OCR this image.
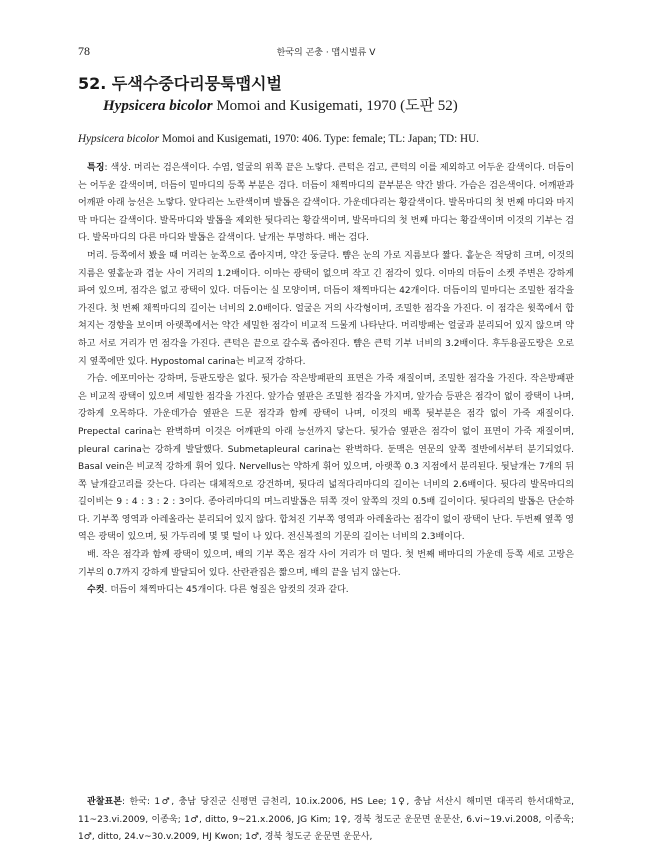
78	한국의 곤충 · 맵시벌류 V
52. 두색수중다리뭉툭맵시벌
Hypsicera bicolor Momoi and Kusigemati, 1970 (도판 52)
Hypsicera bicolor Momoi and Kusigemati, 1970: 406. Type: female; TL: Japan; TD: HU.

특징: 색상. 머리는 검은색이다. 수염, 얼굴의 위쪽 끝은 노랗다. 큰턱은 검고, 큰턱의 이를 제외하고 어두운 갈색이다. 더듬이는 어두운 갈색이며, 더듬이 밑마디의 등쪽 부분은 검다. 더듬이 채찍마디의 끝부분은 약간 밝다. 가슴은 검은색이다. 어깨판과 어깨판 아래 능선은 노랗다. 앞다리는 노란색이며 발톱은 갈색이다. 가운데다리는 황갈색이다. 발목마디의 첫 번째 마디와 마지막 마디는 갈색이다. 발목마디와 발톱을 제외한 뒷다리는 황갈색이며, 발목마디의 첫 번째 마디는 황갈색이며 이것의 기부는 검다. 발목마디의 다른 마디와 발톱은 갈색이다. 날개는 투명하다. 배는 검다.

머리. 등쪽에서 봤을 때 머리는 눈쪽으로 좁아지며, 약간 둥글다. 뺨은 눈의 가로 지름보다 짧다. 홑눈은 적당히 크며, 이것의 지름은 옆홑눈과 겹눈 사이 거리의 1.2배이다. 이마는 광택이 없으며 작고 긴 점각이 있다. 이마의 더듬이 소켓 주변은 강하게 파여 있으며, 점각은 없고 광택이 있다. 더듬이는 실 모양이며, 더듬이 채찍마디는 42개이다. 더듬이의 밑마디는 조밀한 점각을 가진다. 첫 번째 채찍마디의 길이는 너비의 2.0배이다. 얼굴은 거의 사각형이며, 조밀한 점각을 가진다. 이 점각은 윗쪽에서 합쳐지는 경향을 보이며 아랫쪽에서는 약간 세밀한 점각이 비교적 드물게 나타난다. 머리방패는 얼굴과 분리되어 있지 않으며 약하고 서로 거리가 먼 점각을 가진다. 큰턱은 끝으로 갈수록 좁아진다. 뺨은 큰턱 기부 너비의 3.2배이다. 후두용골도랑은 오로지 옆쪽에만 있다. Hypostomal carina는 비교적 강하다.

가슴. 에포미아는 강하며, 등판도랑은 없다. 뒷가슴 작은방패판의 표면은 가죽 재질이며, 조밀한 점각을 가진다. 작은방패판은 비교적 광택이 있으며 세밀한 점각을 가진다. 앞가슴 옆판은 조밀한 점각을 가지며, 앞가슴 등판은 점각이 없이 광택이 나며, 강하게 오목하다. 가운데가슴 옆판은 드문 점각과 함께 광택이 나며, 이것의 배쪽 뒷부분은 점각 없이 가죽 재질이다. Prepectal carina는 완벽하며 이것은 어깨판의 아래 능선까지 닿는다. 뒷가슴 옆판은 점각이 없이 표면이 가죽 재질이며, pleural carina는 강하게 발달했다. Submetapleural carina는 완벽하다. 둔맥은 연문의 앞쪽 절반에서부터 분기되었다. Basal vein은 비교적 강하게 휘어 있다. Nervellus는 약하게 휘어 있으며, 아랫쪽 0.3 지점에서 분리된다. 뒷날개는 7개의 뒤쪽 날개갈고리를 갖는다. 다리는 대체적으로 강건하며, 뒷다리 넓적다리마디의 길이는 너비의 2.6배이다. 뒷다리 발목마디의 길이비는 9 : 4 : 3 : 2 : 3이다. 종아리마디의 며느리발톱은 뒤쪽 것이 앞쪽의 것의 0.5배 길이이다. 뒷다리의 발톱은 단순하다. 기부쪽 영역과 아레올라는 분리되어 있지 않다. 합쳐진 기부쪽 영역과 아레올라는 점각이 없이 광택이 난다. 두번째 옆쪽 영역은 광택이 있으며, 뒷 가두리에 몇 몇 털이 나 있다. 전신복절의 기문의 길이는 너비의 2.3배이다.

배. 작은 점각과 함께 광택이 있으며, 배의 기부 쪽은 점각 사이 거리가 더 멀다. 첫 번째 배마디의 가운데 등쪽 세로 고랑은 기부의 0.7까지 강하게 발달되어 있다. 산란관집은 짧으며, 배의 끝을 넘지 않는다.

수컷. 더듬이 채찍마디는 45개이다. 다른 형질은 암컷의 것과 같다.

관찰표본: 한국: 1♂, 충남 당진군 신평면 금천리, 10.ix.2006, HS Lee; 1♀, 충남 서산시 해미면 대곡리 한서대학교, 11~23.vi.2009, 이종욱; 1♂, ditto, 9~21.x.2006, JG Kim; 1♀, 경북 청도군 운문면 운문산, 6.vi~19.vi.2008, 이종욱; 1♂, ditto, 24.v~30.v.2009, HJ Kwon; 1♂, 경북 청도군 운문면 운문사,
